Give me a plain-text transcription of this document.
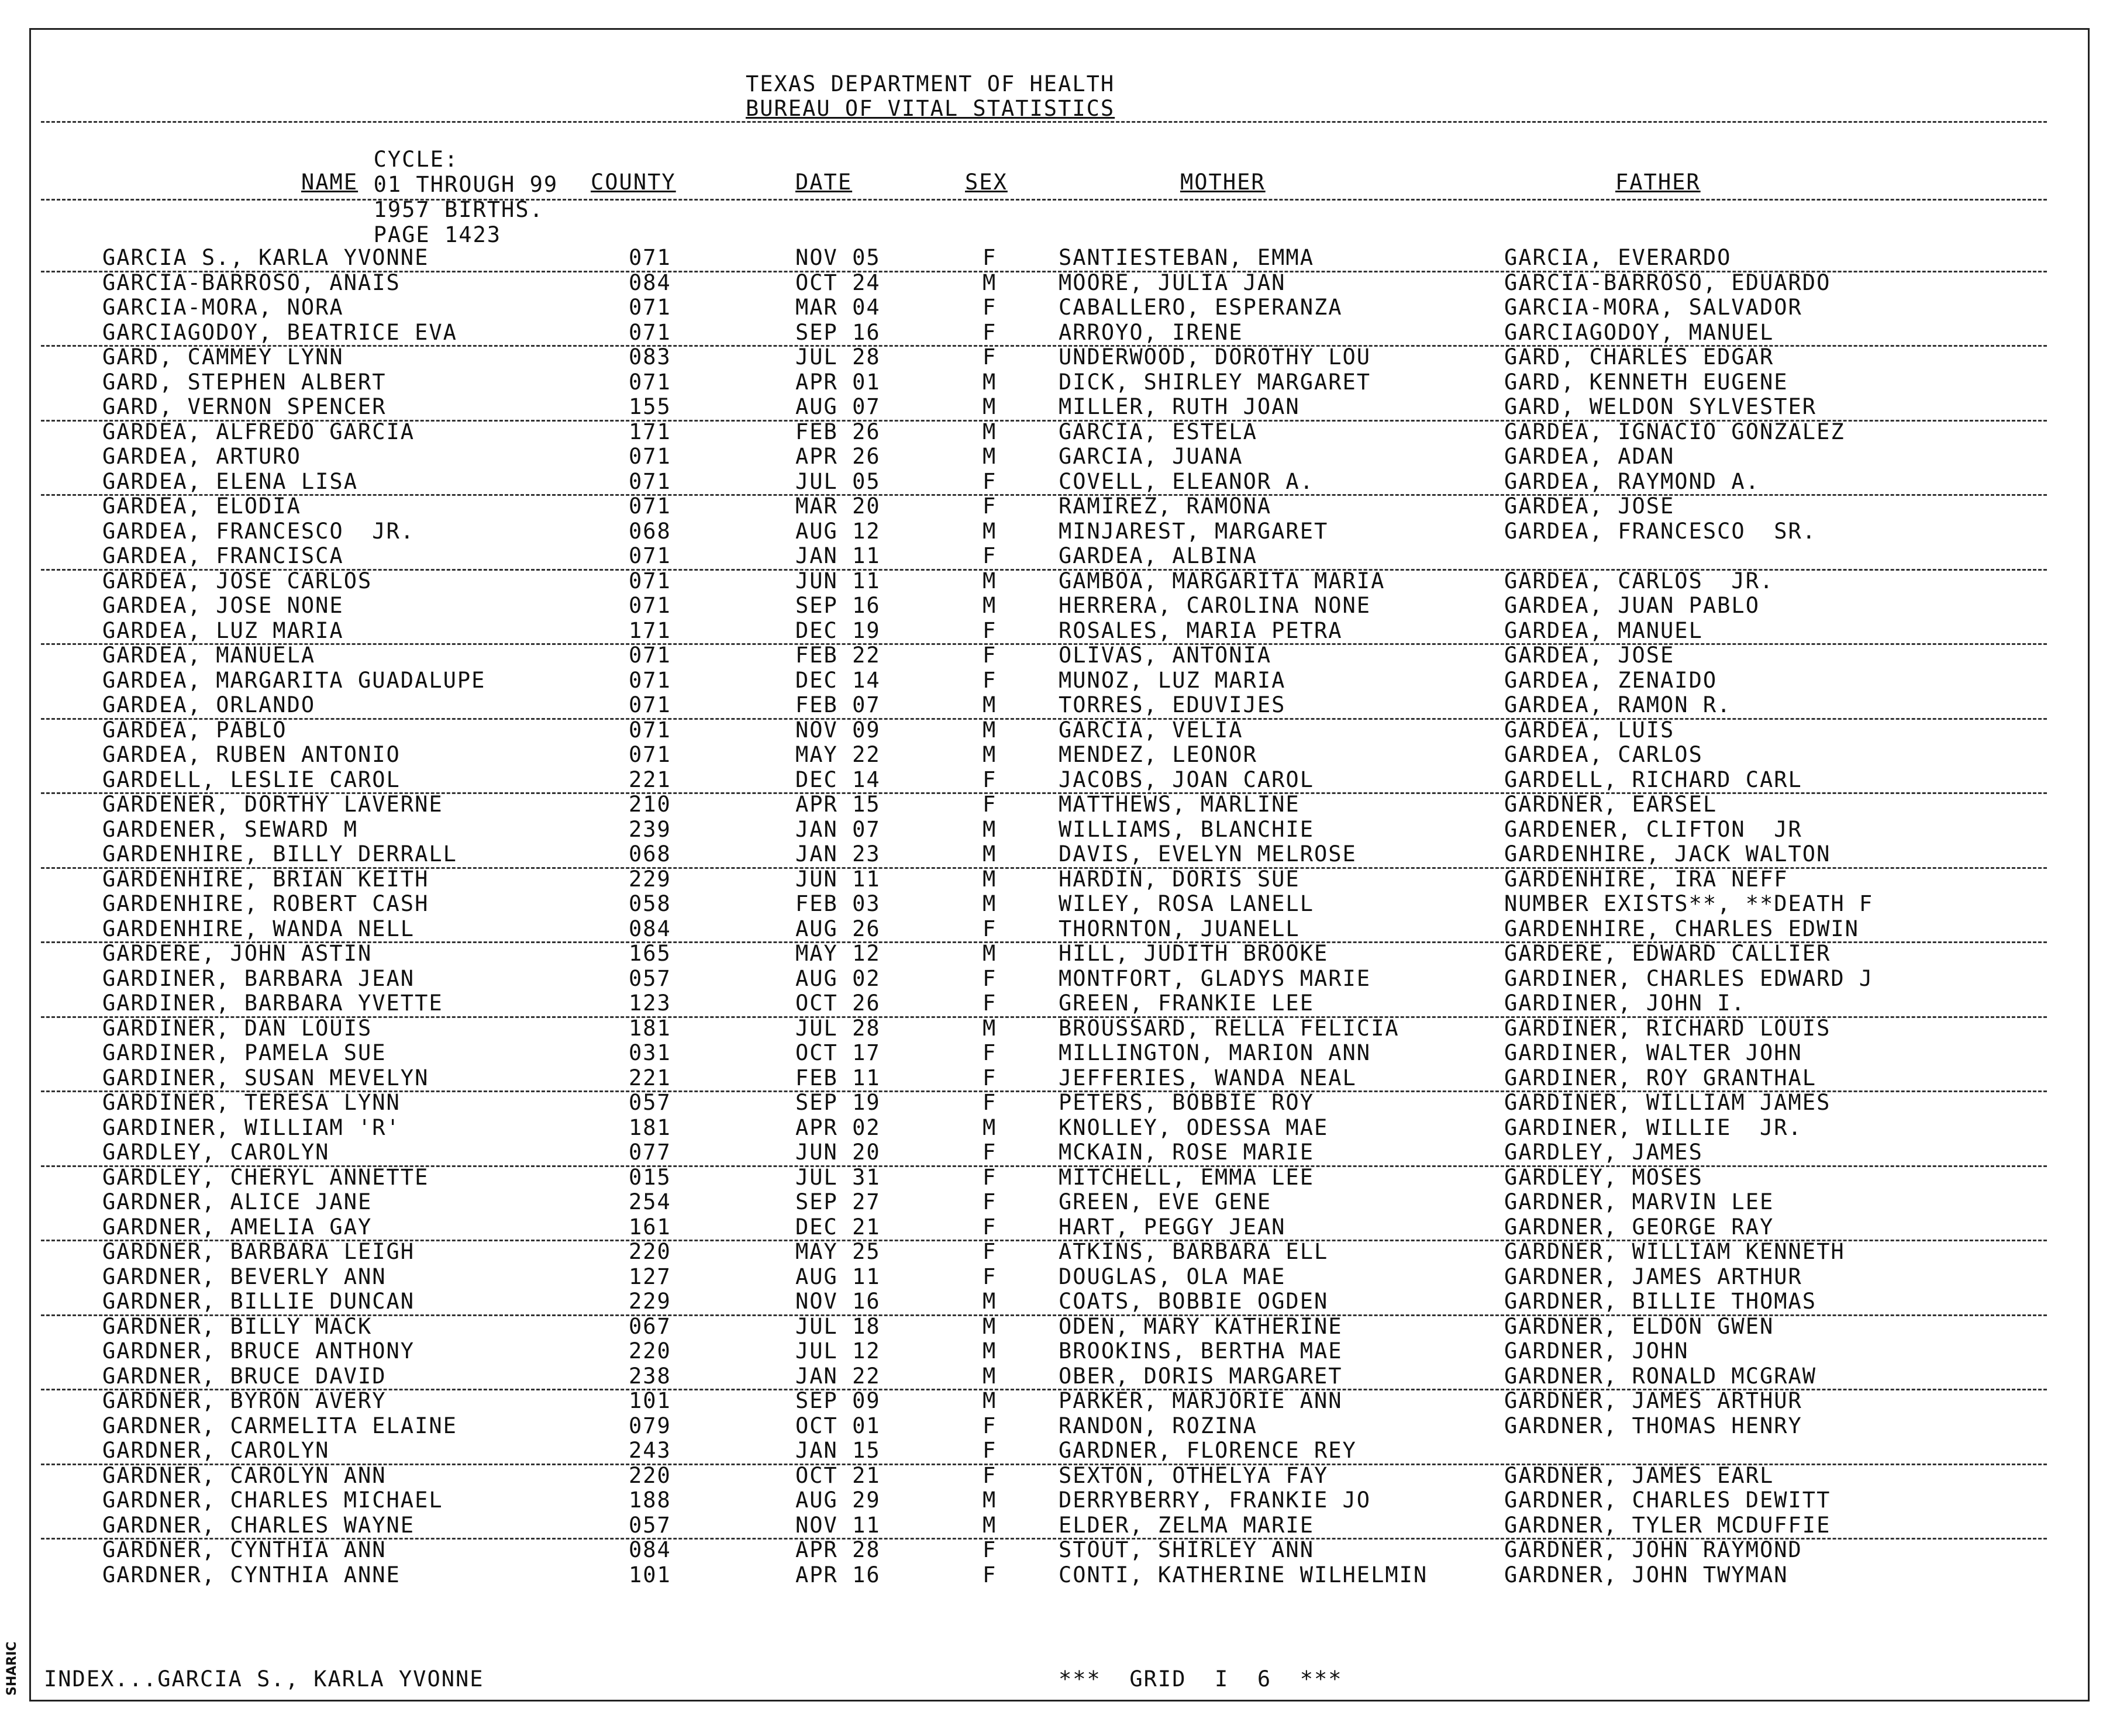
TEXAS DEPARTMENT OF HEALTH
BUREAU OF VITAL STATISTICS

CYCLE:
01 THROUGH 99
1957 BIRTHS.
PAGE 1423

NAME	COUNTY	DATE	SEX	MOTHER	FATHER
GARCIA S., KARLA YVONNE	071	NOV 05	F	SANTIESTEBAN, EMMA	GARCIA, EVERARDO
GARCIA-BARROSO, ANAIS	084	OCT 24	M	MOORE, JULIA JAN	GARCIA-BARROSO, EDUARDO
GARCIA-MORA, NORA	071	MAR 04	F	CABALLERO, ESPERANZA	GARCIA-MORA, SALVADOR
GARCIAGODOY, BEATRICE EVA	071	SEP 16	F	ARROYO, IRENE	GARCIAGODOY, MANUEL
GARD, CAMMEY LYNN	083	JUL 28	F	UNDERWOOD, DOROTHY LOU	GARD, CHARLES EDGAR
GARD, STEPHEN ALBERT	071	APR 01	M	DICK, SHIRLEY MARGARET	GARD, KENNETH EUGENE
GARD, VERNON SPENCER	155	AUG 07	M	MILLER, RUTH JOAN	GARD, WELDON SYLVESTER
GARDEA, ALFREDO GARCIA	171	FEB 26	M	GARCIA, ESTELA	GARDEA, IGNACIO GONZALEZ
GARDEA, ARTURO	071	APR 26	M	GARCIA, JUANA	GARDEA, ADAN
GARDEA, ELENA LISA	071	JUL 05	F	COVELL, ELEANOR A.	GARDEA, RAYMOND A.
GARDEA, ELODIA	071	MAR 20	F	RAMIREZ, RAMONA	GARDEA, JOSE
GARDEA, FRANCESCO  JR.	068	AUG 12	M	MINJAREST, MARGARET	GARDEA, FRANCESCO  SR.
GARDEA, FRANCISCA	071	JAN 11	F	GARDEA, ALBINA
GARDEA, JOSE CARLOS	071	JUN 11	M	GAMBOA, MARGARITA MARIA	GARDEA, CARLOS  JR.
GARDEA, JOSE NONE	071	SEP 16	M	HERRERA, CAROLINA NONE	GARDEA, JUAN PABLO
GARDEA, LUZ MARIA	171	DEC 19	F	ROSALES, MARIA PETRA	GARDEA, MANUEL
GARDEA, MANUELA	071	FEB 22	F	OLIVAS, ANTONIA	GARDEA, JOSE
GARDEA, MARGARITA GUADALUPE	071	DEC 14	F	MUNOZ, LUZ MARIA	GARDEA, ZENAIDO
GARDEA, ORLANDO	071	FEB 07	M	TORRES, EDUVIJES	GARDEA, RAMON R.
GARDEA, PABLO	071	NOV 09	M	GARCIA, VELIA	GARDEA, LUIS
GARDEA, RUBEN ANTONIO	071	MAY 22	M	MENDEZ, LEONOR	GARDEA, CARLOS
GARDELL, LESLIE CAROL	221	DEC 14	F	JACOBS, JOAN CAROL	GARDELL, RICHARD CARL
GARDENER, DORTHY LAVERNE	210	APR 15	F	MATTHEWS, MARLINE	GARDNER, EARSEL
GARDENER, SEWARD M	239	JAN 07	M	WILLIAMS, BLANCHIE	GARDENER, CLIFTON  JR
GARDENHIRE, BILLY DERRALL	068	JAN 23	M	DAVIS, EVELYN MELROSE	GARDENHIRE, JACK WALTON
GARDENHIRE, BRIAN KEITH	229	JUN 11	M	HARDIN, DORIS SUE	GARDENHIRE, IRA NEFF
GARDENHIRE, ROBERT CASH	058	FEB 03	M	WILEY, ROSA LANELL	NUMBER EXISTS**, **DEATH F
GARDENHIRE, WANDA NELL	084	AUG 26	F	THORNTON, JUANELL	GARDENHIRE, CHARLES EDWIN
GARDERE, JOHN ASTIN	165	MAY 12	M	HILL, JUDITH BROOKE	GARDERE, EDWARD CALLIER
GARDINER, BARBARA JEAN	057	AUG 02	F	MONTFORT, GLADYS MARIE	GARDINER, CHARLES EDWARD J
GARDINER, BARBARA YVETTE	123	OCT 26	F	GREEN, FRANKIE LEE	GARDINER, JOHN I.
GARDINER, DAN LOUIS	181	JUL 28	M	BROUSSARD, RELLA FELICIA	GARDINER, RICHARD LOUIS
GARDINER, PAMELA SUE	031	OCT 17	F	MILLINGTON, MARION ANN	GARDINER, WALTER JOHN
GARDINER, SUSAN MEVELYN	221	FEB 11	F	JEFFERIES, WANDA NEAL	GARDINER, ROY GRANTHAL
GARDINER, TERESA LYNN	057	SEP 19	F	PETERS, BOBBIE ROY	GARDINER, WILLIAM JAMES
GARDINER, WILLIAM 'R'	181	APR 02	M	KNOLLEY, ODESSA MAE	GARDINER, WILLIE  JR.
GARDLEY, CAROLYN	077	JUN 20	F	MCKAIN, ROSE MARIE	GARDLEY, JAMES
GARDLEY, CHERYL ANNETTE	015	JUL 31	F	MITCHELL, EMMA LEE	GARDLEY, MOSES
GARDNER, ALICE JANE	254	SEP 27	F	GREEN, EVE GENE	GARDNER, MARVIN LEE
GARDNER, AMELIA GAY	161	DEC 21	F	HART, PEGGY JEAN	GARDNER, GEORGE RAY
GARDNER, BARBARA LEIGH	220	MAY 25	F	ATKINS, BARBARA ELL	GARDNER, WILLIAM KENNETH
GARDNER, BEVERLY ANN	127	AUG 11	F	DOUGLAS, OLA MAE	GARDNER, JAMES ARTHUR
GARDNER, BILLIE DUNCAN	229	NOV 16	M	COATS, BOBBIE OGDEN	GARDNER, BILLIE THOMAS
GARDNER, BILLY MACK	067	JUL 18	M	ODEN, MARY KATHERINE	GARDNER, ELDON GWEN
GARDNER, BRUCE ANTHONY	220	JUL 12	M	BROOKINS, BERTHA MAE	GARDNER, JOHN
GARDNER, BRUCE DAVID	238	JAN 22	M	OBER, DORIS MARGARET	GARDNER, RONALD MCGRAW
GARDNER, BYRON AVERY	101	SEP 09	M	PARKER, MARJORIE ANN	GARDNER, JAMES ARTHUR
GARDNER, CARMELITA ELAINE	079	OCT 01	F	RANDON, ROZINA	GARDNER, THOMAS HENRY
GARDNER, CAROLYN	243	JAN 15	F	GARDNER, FLORENCE REY
GARDNER, CAROLYN ANN	220	OCT 21	F	SEXTON, OTHELYA FAY	GARDNER, JAMES EARL
GARDNER, CHARLES MICHAEL	188	AUG 29	M	DERRYBERRY, FRANKIE JO	GARDNER, CHARLES DEWITT
GARDNER, CHARLES WAYNE	057	NOV 11	M	ELDER, ZELMA MARIE	GARDNER, TYLER MCDUFFIE
GARDNER, CYNTHIA ANN	084	APR 28	F	STOUT, SHIRLEY ANN	GARDNER, JOHN RAYMOND
GARDNER, CYNTHIA ANNE	101	APR 16	F	CONTI, KATHERINE WILHELMIN	GARDNER, JOHN TWYMAN
INDEX...GARCIA S., KARLA YVONNE	***  GRID  I  6  ***
SHARIC
